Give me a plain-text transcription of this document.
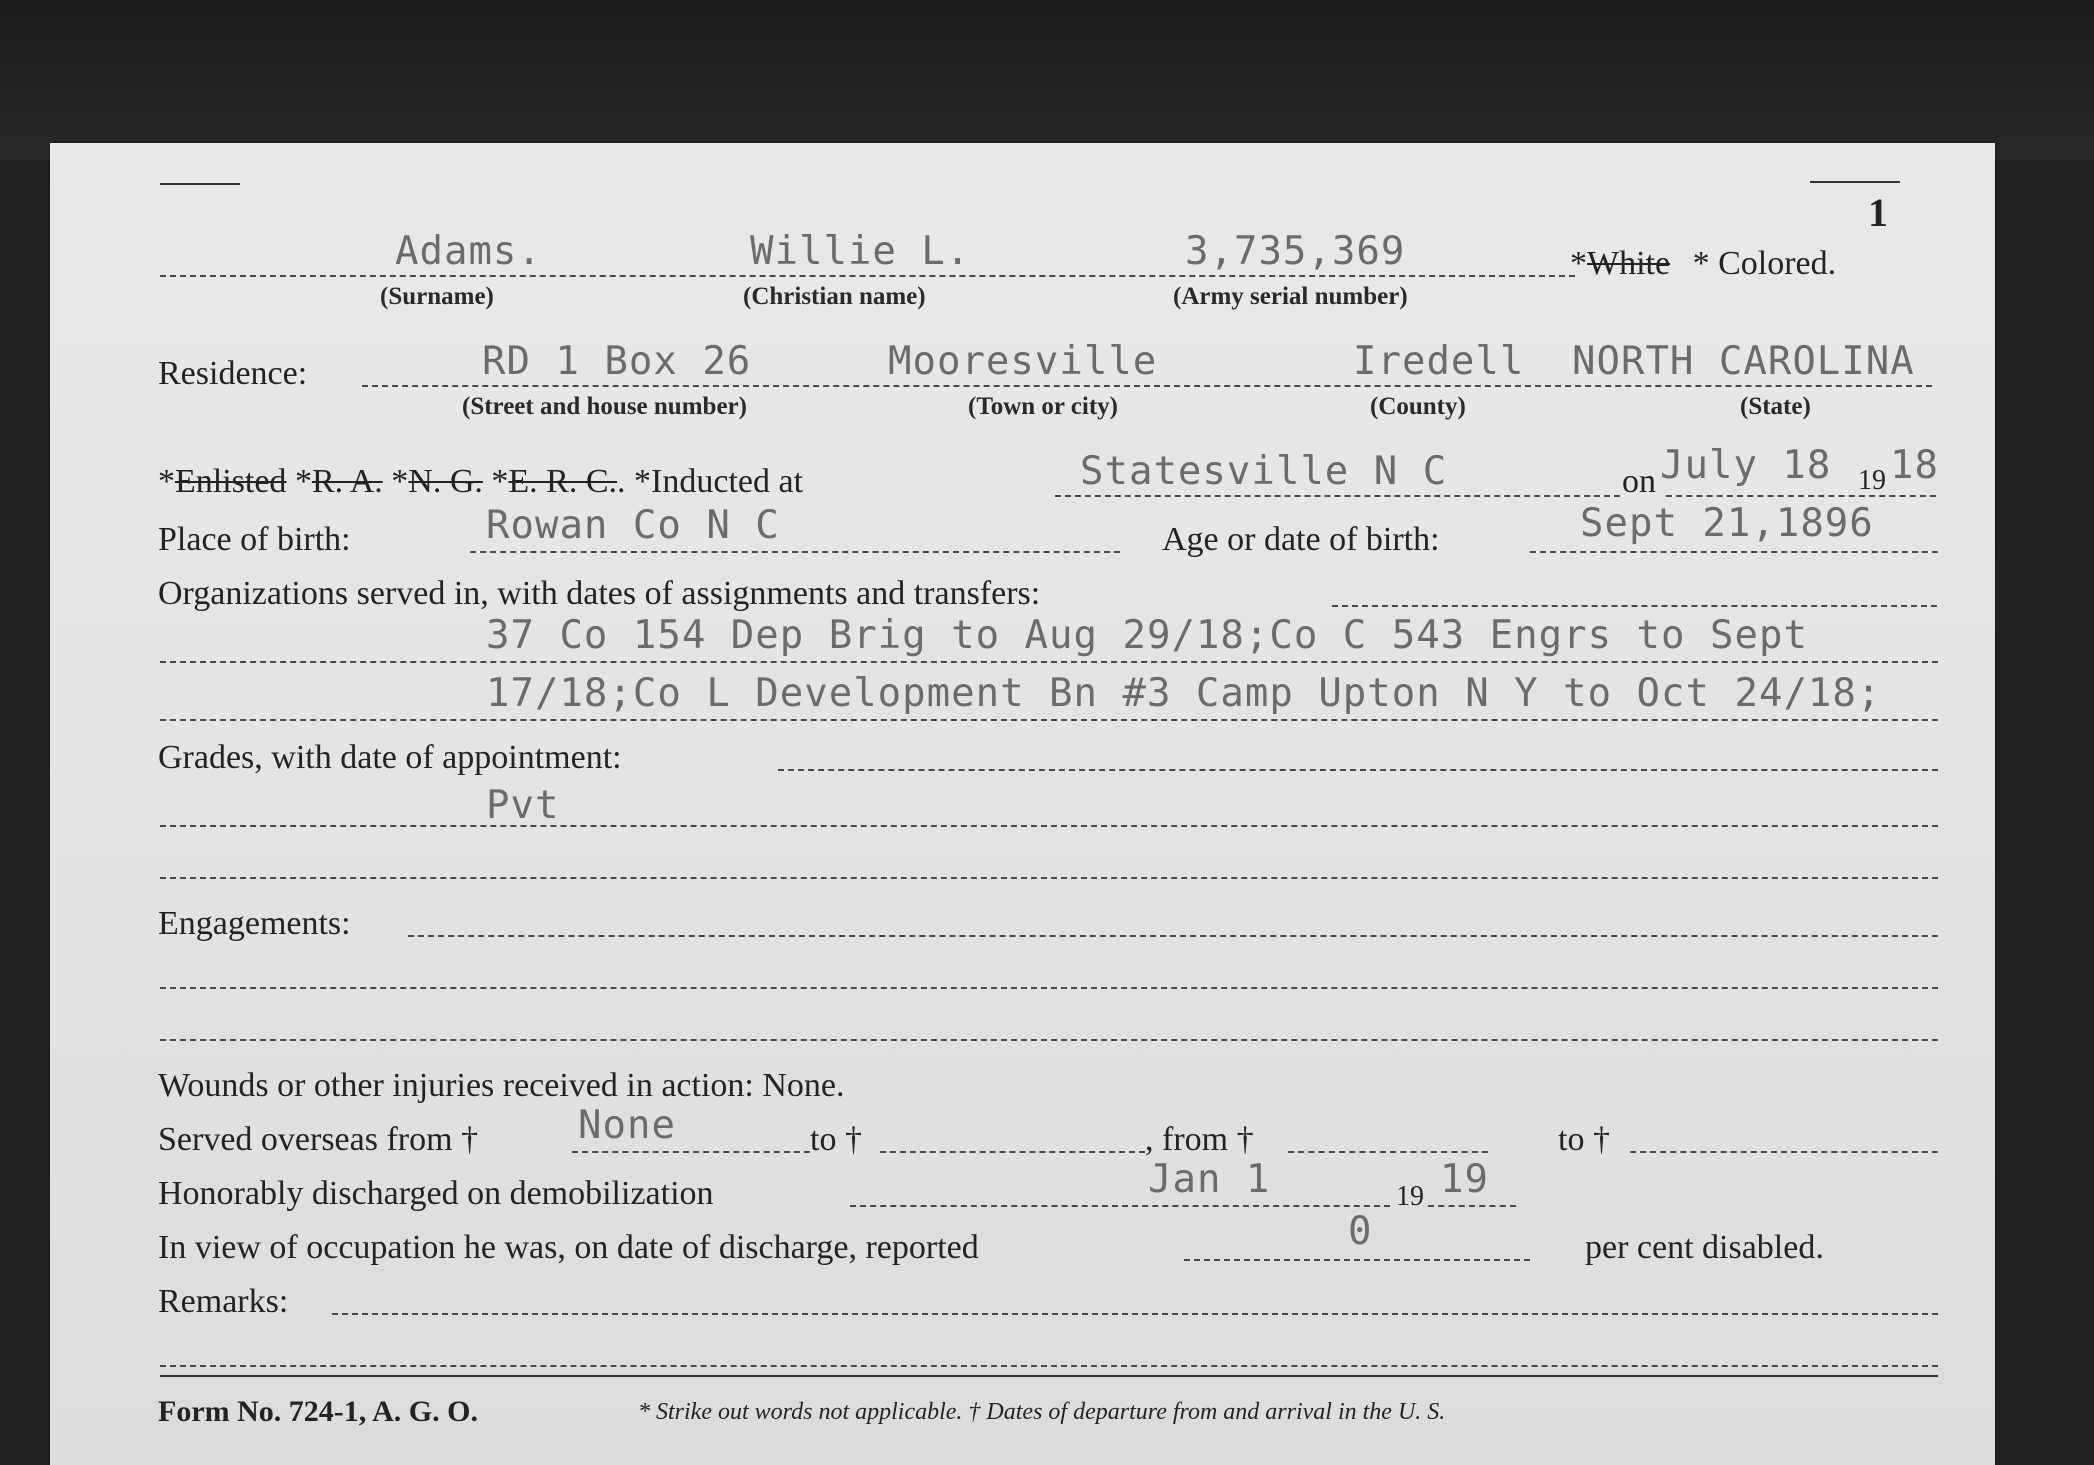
1
Adams.	Willie L.	3,735,369	*White * Colored.
(Surname)	(Christian name)	(Army serial number)
Residence:	RD 1 Box 26	Mooresville	Iredell NORTH CAROLINA
(Street and house number)	(Town or city)	(County)	(State)
*Enlisted *R. A. *N. G. *E. R. C.. *Inducted at	Statesville N C	on July 18 19 18
Place of birth:	Rowan Co N C	Age or date of birth:	Sept 21,1896
Organizations served in, with dates of assignments and transfers:
37 Co 154 Dep Brig to Aug 29/18;Co C 543 Engrs to Sept
17/18;Co L Development Bn #3 Camp Upton N Y to Oct 24/18;
Grades, with date of appointment:
Pvt
Engagements:
Wounds or other injuries received in action: None.
Served overseas from †	None	to †	, from †	to †
Honorably discharged on demobilization	Jan 1	19 19
In view of occupation he was, on date of discharge, reported	0	per cent disabled.
Remarks:
Form No. 724-1, A. G. O.	* Strike out words not applicable. † Dates of departure from and arrival in the U. S.
